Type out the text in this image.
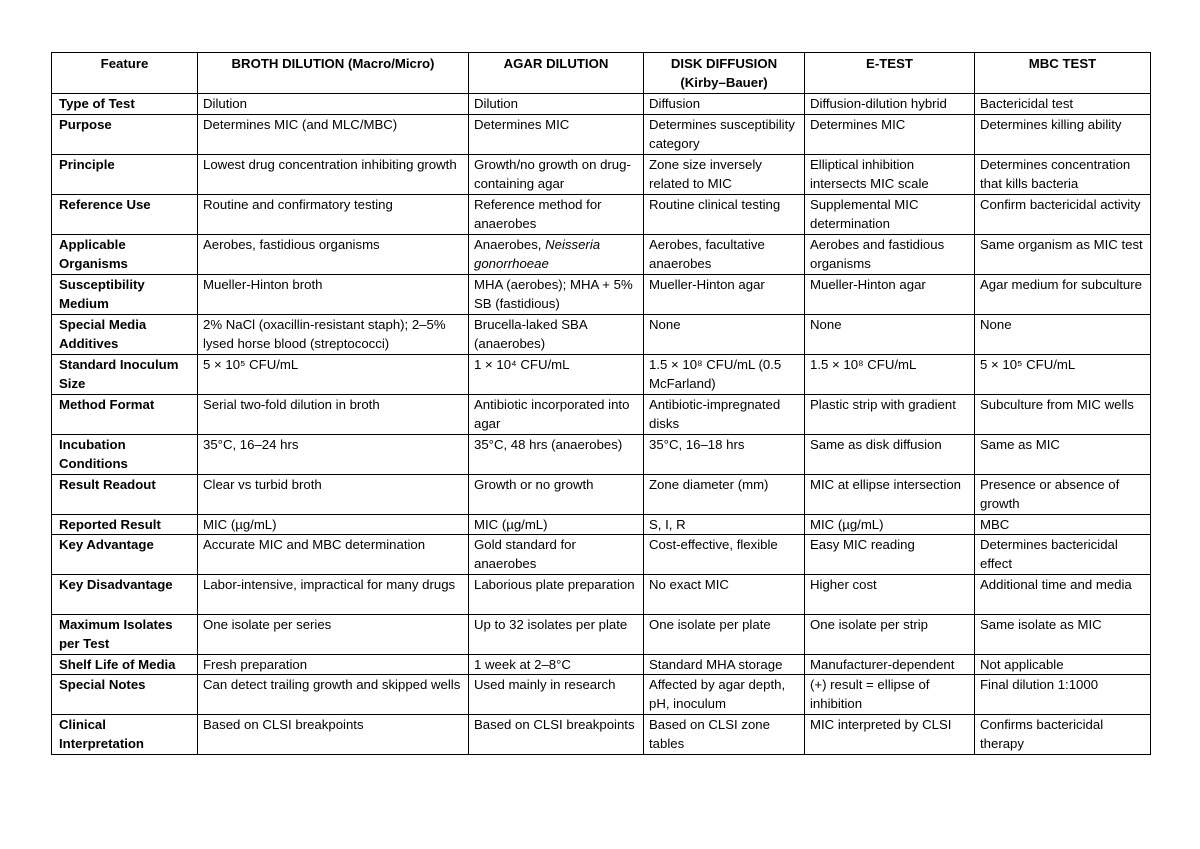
Feature	BROTH DILUTION (Macro/Micro)	AGAR DILUTION	DISK DIFFUSION (Kirby–Bauer)	E-TEST	MBC TEST
Type of Test	Dilution	Dilution	Diffusion	Diffusion-dilution hybrid	Bactericidal test
Purpose	Determines MIC (and MLC/MBC)	Determines MIC	Determines susceptibility category	Determines MIC	Determines killing ability
Principle	Lowest drug concentration inhibiting growth	Growth/no growth on drug-containing agar	Zone size inversely related to MIC	Elliptical inhibition intersects MIC scale	Determines concentration that kills bacteria
Reference Use	Routine and confirmatory testing	Reference method for anaerobes	Routine clinical testing	Supplemental MIC determination	Confirm bactericidal activity
Applicable Organisms	Aerobes, fastidious organisms	Anaerobes, Neisseria gonorrhoeae	Aerobes, facultative anaerobes	Aerobes and fastidious organisms	Same organism as MIC test
Susceptibility Medium	Mueller-Hinton broth	MHA (aerobes); MHA + 5% SB (fastidious)	Mueller-Hinton agar	Mueller-Hinton agar	Agar medium for subculture
Special Media Additives	2% NaCl (oxacillin-resistant staph); 2–5% lysed horse blood (streptococci)	Brucella-laked SBA (anaerobes)	None	None	None
Standard Inoculum Size	5 × 10⁵ CFU/mL	1 × 10⁴ CFU/mL	1.5 × 10⁸ CFU/mL (0.5 McFarland)	1.5 × 10⁸ CFU/mL	5 × 10⁵ CFU/mL
Method Format	Serial two-fold dilution in broth	Antibiotic incorporated into agar	Antibiotic-impregnated disks	Plastic strip with gradient	Subculture from MIC wells
Incubation Conditions	35°C, 16–24 hrs	35°C, 48 hrs (anaerobes)	35°C, 16–18 hrs	Same as disk diffusion	Same as MIC
Result Readout	Clear vs turbid broth	Growth or no growth	Zone diameter (mm)	MIC at ellipse intersection	Presence or absence of growth
Reported Result	MIC (µg/mL)	MIC (µg/mL)	S, I, R	MIC (µg/mL)	MBC
Key Advantage	Accurate MIC and MBC determination	Gold standard for anaerobes	Cost-effective, flexible	Easy MIC reading	Determines bactericidal effect
Key Disadvantage	Labor-intensive, impractical for many drugs	Laborious plate preparation	No exact MIC	Higher cost	Additional time and media
Maximum Isolates per Test	One isolate per series	Up to 32 isolates per plate	One isolate per plate	One isolate per strip	Same isolate as MIC
Shelf Life of Media	Fresh preparation	1 week at 2–8°C	Standard MHA storage	Manufacturer-dependent	Not applicable
Special Notes	Can detect trailing growth and skipped wells	Used mainly in research	Affected by agar depth, pH, inoculum	(+) result = ellipse of inhibition	Final dilution 1:1000
Clinical Interpretation	Based on CLSI breakpoints	Based on CLSI breakpoints	Based on CLSI zone tables	MIC interpreted by CLSI	Confirms bactericidal therapy
